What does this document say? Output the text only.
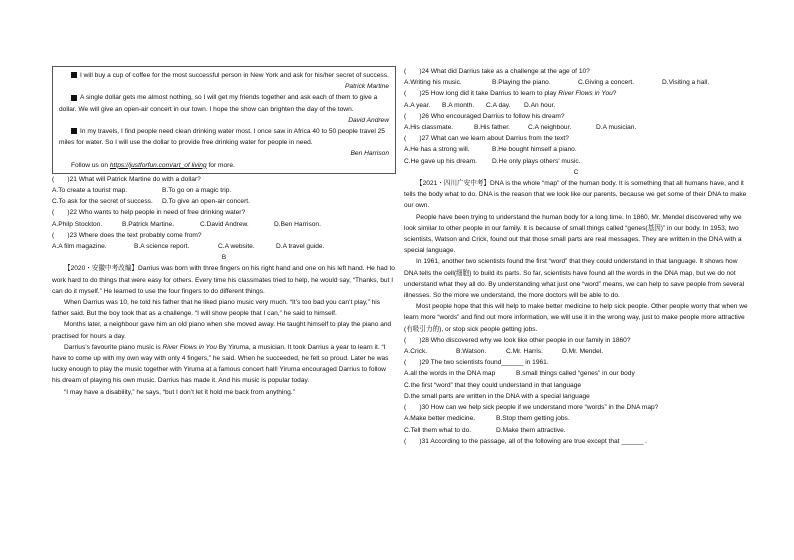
I will buy a cup of coffee for the most successful person in New York and ask for his/her secret of success.

Patrick Martine

A single dollar gets me almost nothing, so I will get my friends together and ask each of them to give a dollar. We will give an open-air concert in our town. I hope the show can brighten the day of the town.

David Andrew

In my travels, I find people need clean drinking water most. I once saw in Africa 40 to 50 people travel 25 miles for water. So I will use the dollar to provide free drinking water for people in need.

Ben Harrison

Follow us on https://justforfun.com/art_of living for more.

(　　)21 What will Patrick Martine do with a dollar?

A.To create a tourist map.	B.To go on a magic trip.

C.To ask for the secret of success. D.To give an open-air concert.

(　　)22 Who wants to help people in need of free drinking water?

A.Philp Stockton.	B.Patrick Martine.	C.David Andrew.	D.Ben Harrison.

(　　)23 Where does the text probably come from?

A.A film magazine.	B.A science report.	C.A website.	D.A travel guide.

B

【2020・安徽中考改编】Darrius was born with three fingers on his right hand and one on his left hand. He had to work hard to do things that were easy for others. Every time his classmates tried to help, he would say, “Thanks, but I can do it myself.” He learned to use the four fingers to do different things.

When Darrius was 10, he told his father that he liked piano music very much. “It’s too bad you can’t play,” his father said. But the boy took that as a challenge. “I will show people that I can,” he said to himself.

Months later, a neighbour gave him an old piano when she moved away. He taught himself to play the piano and practised for hours a day.

Darrius’s favourite piano music is River Flows in You By Yiruma, a musician. It took Darrius a year to learn it. “I have to come up with my own way with only 4 fingers,” he said. When he succeeded, he felt so proud. Later he was lucky enough to play the music together with Yiruma at a famous concert hall! Yiruma encouraged Darrius to follow his dream of playing his own music. Darrius has made it. And his music is popular today.

“I may have a disability,” he says, “but I don’t let it hold me back from anything.”

(　　)24 What did Darrius take as a challenge at the age of 10?

A.Writing his music.	B.Playing the piano.	C.Giving a concert.	D.Visiting a hall.

(　　)25 How long did it take Darrius to learn to play River Flows in You?

A.A year. B.A month. C.A day. D.An hour.

(　　)26 Who encouraged Darrius to follow his dream?

A.His classmate.	B.His father.	C.A neighbour.	D.A musician.

(　　)27 What can we learn about Darrius from the text?

A.He has a strong will.	B.He bought himself a piano.

C.He gave up his dream. D.He only plays others' music.

C

【2021・四川广安中考】DNA is the whole “map” of the human body. It is something that all humans have, and it tells the body what to do. DNA is the reason that we look like our parents, because we get some of their DNA to make our own.

People have been trying to understand the human body for a long time. In 1860, Mr. Mendel discovered why we look similar to other people in our family. It is because of small things called “genes(基因)” in our body. In 1953, two scientists, Watson and Crick, found out that those small parts are real messages. They are written in the DNA with a special language.

In 1961, another two scientists found the first “word” that they could understand in that language. It shows how DNA tells the cell(细胞) to build its parts. So far, scientists have found all the words in the DNA map, but we do not understand what they all do. By understanding what just one “word” means, we can help to save people from several illnesses. So the more we understand, the more doctors will be able to do.

Most people hope that this will help to make better medicine to help sick people. Other people worry that when we learn more “words” and find out more information, we will use it in the wrong way, just to make people more attractive (有吸引力的), or stop sick people getting jobs.

(　　)28 Who discovered why we look like other people in our family in 1860?

A.Crick.	B.Watson.	C.Mr. Harris.	D.Mr. Mendel.

(　　)29 The two scientists found______ in 1961.

A.all the words in the DNA map	B.small things called “genes” in our body

C.the first “word” that they could understand in that language

D.the small parts are written in the DNA with a special language

(　　)30 How can we help sick people if we understand more “words” in the DNA map?

A.Make better medicine.	B.Stop them getting jobs.

C.Tell them what to do.	D.Make them attractive.

(　　)31 According to the passage, all of the following are true except that ______ .
